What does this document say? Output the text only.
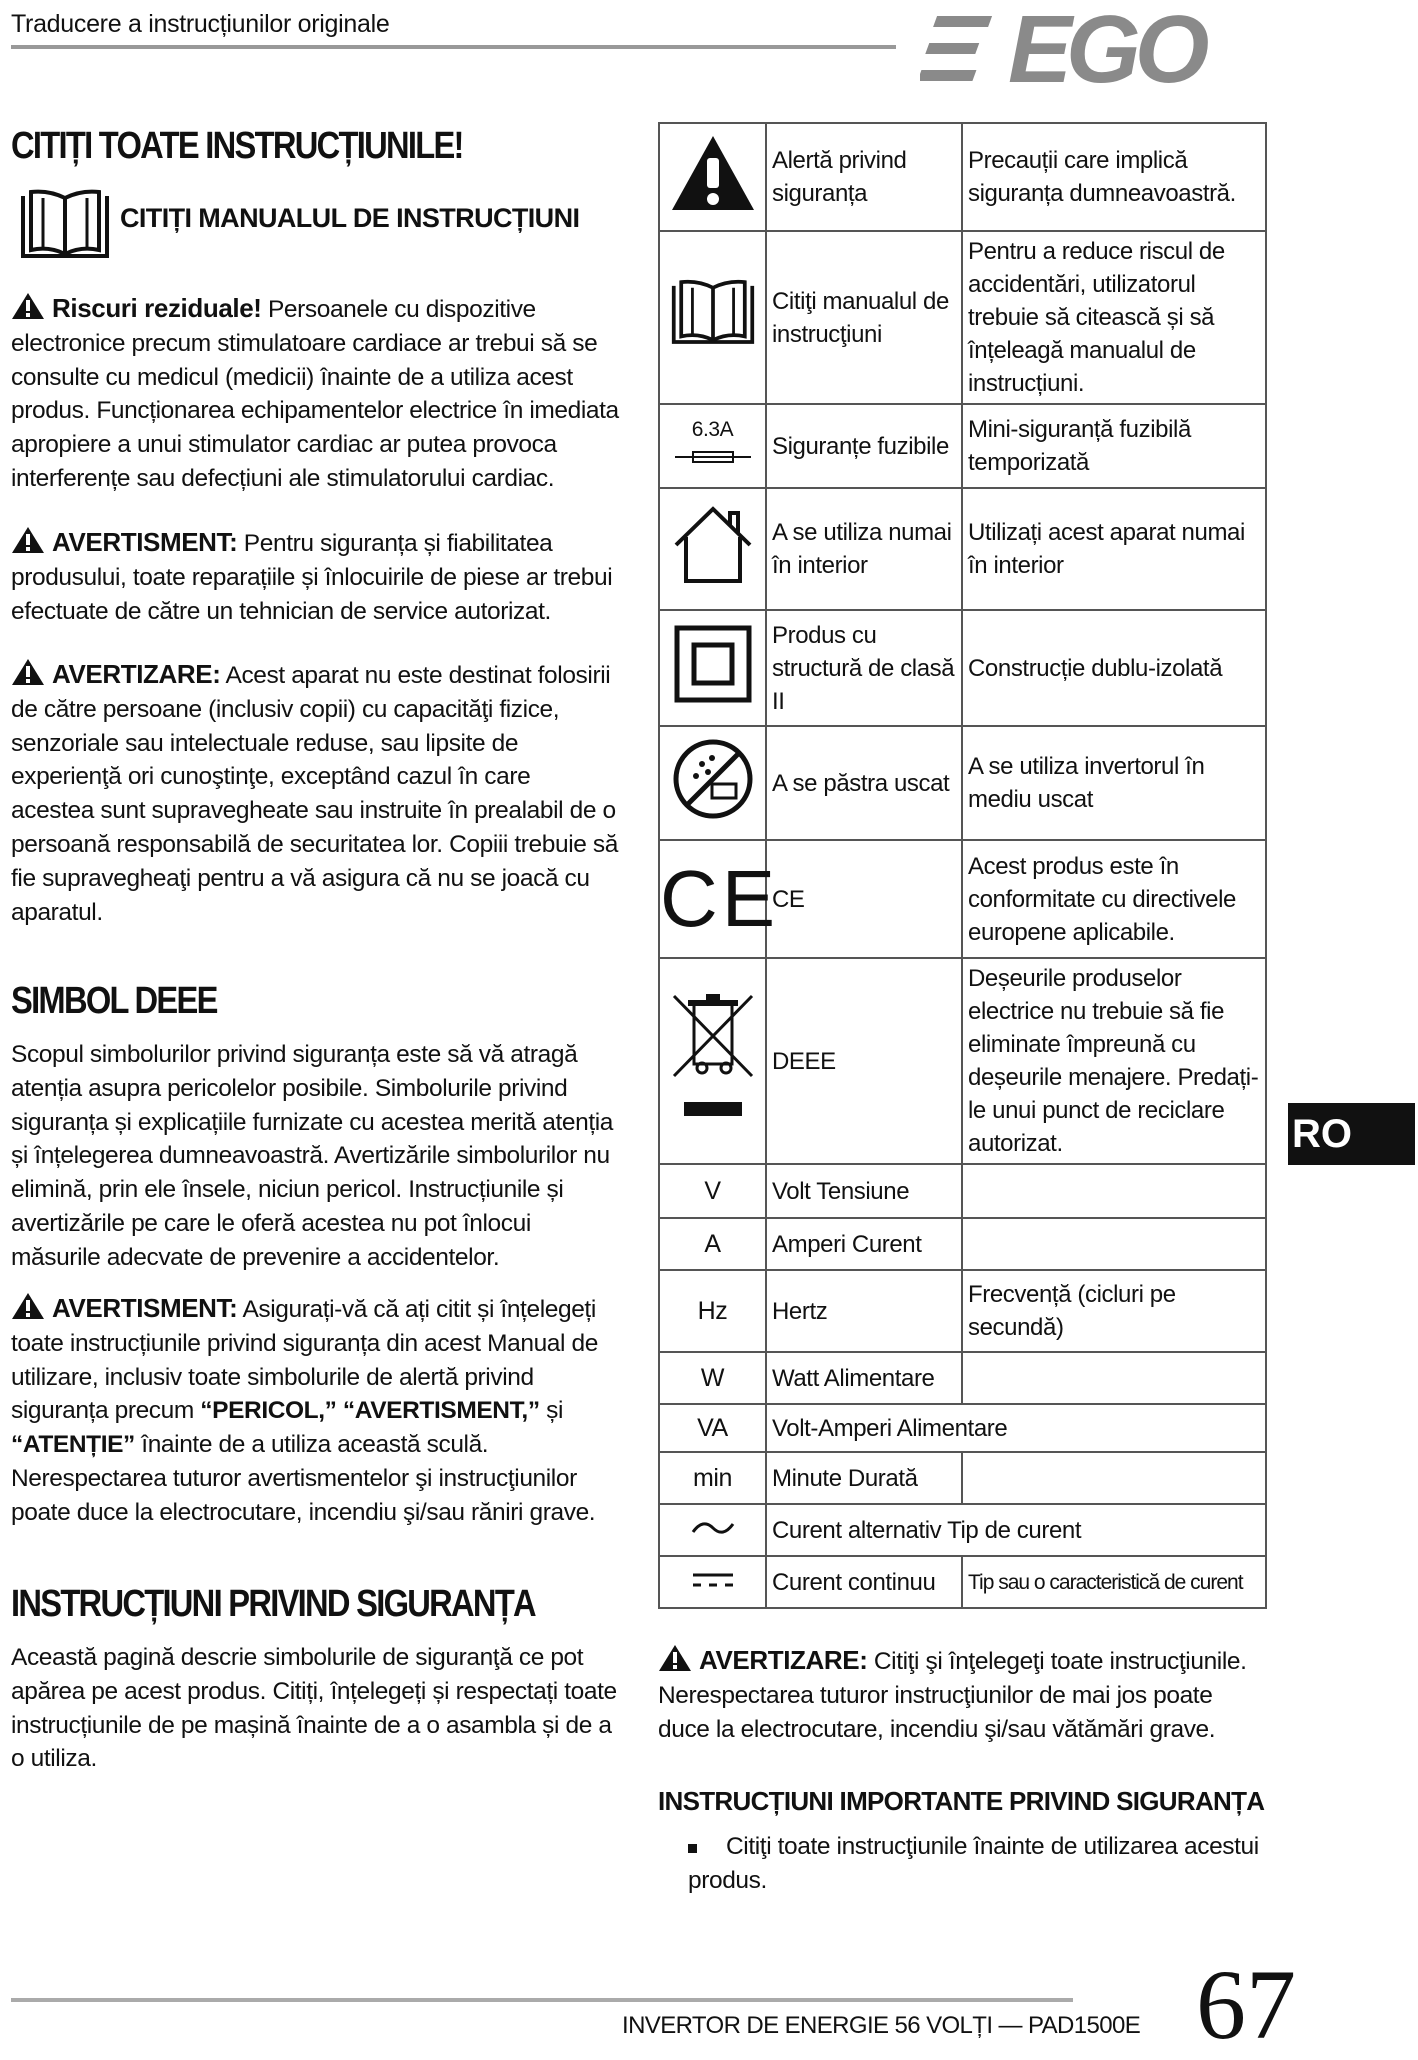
Traducere a instrucțiunilor originale	EGO
CITIȚI TOATE INSTRUCȚIUNILE!
CITIȚI MANUALUL DE INSTRUCȚIUNI
Riscuri reziduale! Persoanele cu dispozitive electronice precum stimulatoare cardiace ar trebui să se consulte cu medicul (medicii) înainte de a utiliza acest produs. Funcționarea echipamentelor electrice în imediata apropiere a unui stimulator cardiac ar putea provoca interferențe sau defecțiuni ale stimulatorului cardiac.
AVERTISMENT: Pentru siguranța și fiabilitatea produsului, toate reparațiile și înlocuirile de piese ar trebui efectuate de către un tehnician de service autorizat.
AVERTIZARE: Acest aparat nu este destinat folosirii de către persoane (inclusiv copii) cu capacităţi fizice, senzoriale sau intelectuale reduse, sau lipsite de experienţă ori cunoştinţe, exceptând cazul în care acestea sunt supravegheate sau instruite în prealabil de o persoană responsabilă de securitatea lor. Copiii trebuie să fie supravegheaţi pentru a vă asigura că nu se joacă cu aparatul.
SIMBOL DEEE
Scopul simbolurilor privind siguranța este să vă atragă atenția asupra pericolelor posibile. Simbolurile privind siguranța și explicațiile furnizate cu acestea merită atenția și înțelegerea dumneavoastră. Avertizările simbolurilor nu elimină, prin ele însele, niciun pericol. Instrucțiunile și avertizările pe care le oferă acestea nu pot înlocui măsurile adecvate de prevenire a accidentelor.
AVERTISMENT: Asigurați-vă că ați citit și înțelegeți toate instrucțiunile privind siguranța din acest Manual de utilizare, inclusiv toate simbolurile de alertă privind siguranța precum “PERICOL,” “AVERTISMENT,” și “ATENȚIE” înainte de a utiliza această sculă. Nerespectarea tuturor avertismentelor şi instrucţiunilor poate duce la electrocutare, incendiu şi/sau răniri grave.
INSTRUCȚIUNI PRIVIND SIGURANȚA
Această pagină descrie simbolurile de siguranţă ce pot apărea pe acest produs. Citiți, înțelegeți și respectați toate instrucțiunile de pe mașină înainte de a o asambla și de a o utiliza.
	Alertă privind siguranța	Precauții care implică siguranța dumneavoastră.
	Citiţi manualul de instrucţiuni	Pentru a reduce riscul de accidentări, utilizatorul trebuie să citească și să înțeleagă manualul de instrucțiuni.

6.3A	Siguranțe fuzibile	Mini-siguranță fuzibilă temporizată
	A se utiliza numai în interior	Utilizați acest aparat numai în interior
	Produs cu structură de clasă II	Construcție dublu-izolată
	A se păstra uscat	A se utiliza invertorul în mediu uscat

CE	CE	Acest produs este în conformitate cu directivele europene aplicabile.
	DEEE	Deșeurile produselor electrice nu trebuie să fie eliminate împreună cu deșeurile menajere. Predați-le unui punct de reciclare autorizat.
V	Volt Tensiune	
A	Amperi Curent	
Hz	Hertz	Frecvență (cicluri pe secundă)
W	Watt Alimentare	
VA	Volt-Amperi Alimentare	
min	Minute Durată	
	Curent alternativ Tip de curent	
	Curent continuu	Tip sau o caracteristică de curent
AVERTIZARE: Citiţi şi înţelegeţi toate instrucţiunile. Nerespectarea tuturor instrucţiunilor de mai jos poate duce la electrocutare, incendiu şi/sau vătămări grave.
INSTRUCȚIUNI IMPORTANTE PRIVIND SIGURANȚA
Citiţi toate instrucţiunile înainte de utilizarea acestui produs.
RO
INVERTOR DE ENERGIE 56 VOLȚI — PAD1500E 67
